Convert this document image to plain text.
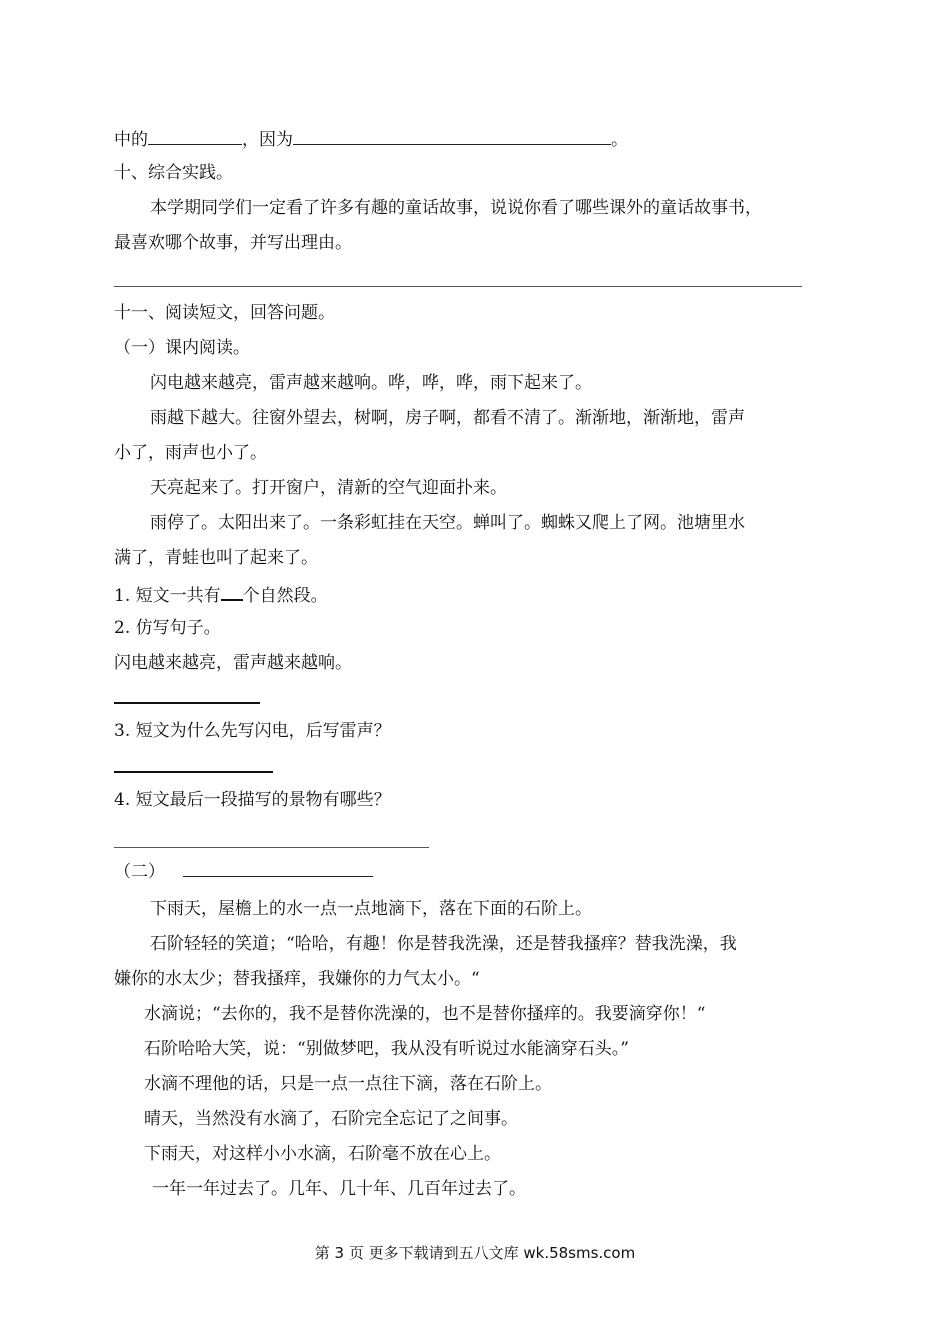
中的	，因为	。
十、综合实践。
本学期同学们一定看了许多有趣的童话故事，说说你看了哪些课外的童话故事书，
最喜欢哪个故事，并写出理由。
十一、阅读短文，回答问题。
（一）课内阅读。
闪电越来越亮，雷声越来越响。哗，哗，哗，雨下起来了。
雨越下越大。往窗外望去，树啊，房子啊，都看不清了。渐渐地，渐渐地，雷声
小了，雨声也小了。
天亮起来了。打开窗户，清新的空气迎面扑来。
雨停了。太阳出来了。一条彩虹挂在天空。蝉叫了。蜘蛛又爬上了网。池塘里水
满了，青蛙也叫了起来了。
1. 短文一共有 个自然段。
2. 仿写句子。
闪电越来越亮，雷声越来越响。
3. 短文为什么先写闪电，后写雷声？
4. 短文最后一段描写的景物有哪些？
（二）
下雨天，屋檐上的水一点一点地滴下，落在下面的石阶上。
石阶轻轻的笑道；“哈哈，有趣！你是替我洗澡，还是替我搔痒？替我洗澡，我
嫌你的水太少；替我搔痒，我嫌你的力气太小。“
水滴说；“去你的，我不是替你洗澡的，也不是替你搔痒的。我要滴穿你！“
石阶哈哈大笑，说：“别做梦吧，我从没有听说过水能滴穿石头。”
水滴不理他的话，只是一点一点往下滴，落在石阶上。
晴天，当然没有水滴了，石阶完全忘记了之间事。
下雨天，对这样小小水滴，石阶毫不放在心上。
一年一年过去了。几年、几十年、几百年过去了。
第 3 页 更多下载请到五八文库 wk.58sms.com
